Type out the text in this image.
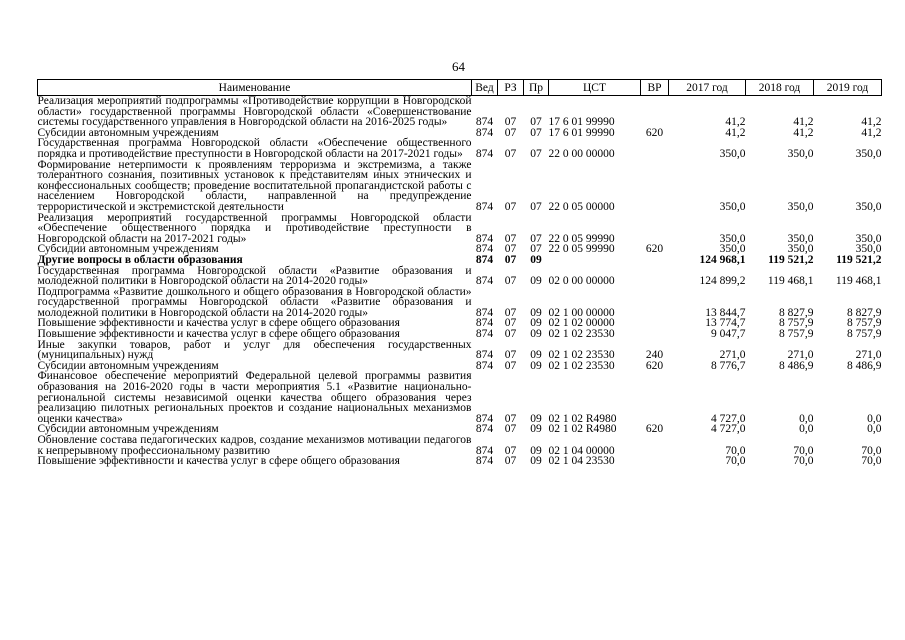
64
Наименование	Вед	РЗ	Пр	ЦСТ	ВР	2017 год	2018 год	2019 год
Реализация мероприятий подпрограммы «Противодействие коррупции в Новгородской области» государственной программы Новгородской области «Совершенствование системы государственного управления в Новгородской области на 2016-2025 годы»	874	07	07	17 6 01 99990		41,2	41,2	41,2
Субсидии автономным учреждениям	874	07	07	17 6 01 99990	620	41,2	41,2	41,2
Государственная программа Новгородской области «Обеспечение общественного порядка и противодействие преступности в Новгородской области на 2017-2021 годы»	874	07	07	22 0 00 00000		350,0	350,0	350,0
Формирование нетерпимости к проявлениям терроризма и экстремизма, а также толерантного сознания, позитивных установок к представителям иных этнических и конфессиональных сообществ; проведение воспитательной пропагандистской работы с населением Новгородской области, направленной на предупреждение террористической и экстремистской деятельности	874	07	07	22 0 05 00000		350,0	350,0	350,0
Реализация мероприятий государственной программы Новгородской области «Обеспечение общественного порядка и противодействие преступности в Новгородской области на 2017-2021 годы»	874	07	07	22 0 05 99990		350,0	350,0	350,0
Субсидии автономным учреждениям	874	07	07	22 0 05 99990	620	350,0	350,0	350,0
Другие вопросы в области образования	874	07	09			124 968,1	119 521,2	119 521,2
Государственная программа Новгородской области «Развитие образования и молодежной политики в Новгородской области на 2014-2020 годы»	874	07	09	02 0 00 00000		124 899,2	119 468,1	119 468,1
Подпрограмма «Развитие дошкольного и общего образования в Новгородской области» государственной программы Новгородской области «Развитие образования и молодежной политики в Новгородской области на 2014-2020 годы»	874	07	09	02 1 00 00000		13 844,7	8 827,9	8 827,9
Повышение эффективности и качества услуг в сфере общего образования	874	07	09	02 1 02 00000		13 774,7	8 757,9	8 757,9
Повышение эффективности и качества услуг в сфере общего образования	874	07	09	02 1 02 23530		9 047,7	8 757,9	8 757,9
Иные закупки товаров, работ и услуг для обеспечения государственных (муниципальных) нужд	874	07	09	02 1 02 23530	240	271,0	271,0	271,0
Субсидии автономным учреждениям	874	07	09	02 1 02 23530	620	8 776,7	8 486,9	8 486,9
Финансовое обеспечение мероприятий Федеральной целевой программы развития образования на 2016-2020 годы в части мероприятия 5.1 «Развитие национально-региональной системы независимой оценки качества общего образования через реализацию пилотных региональных проектов и создание национальных механизмов оценки качества»	874	07	09	02 1 02 R4980		4 727,0	0,0	0,0
Субсидии автономным учреждениям	874	07	09	02 1 02 R4980	620	4 727,0	0,0	0,0
Обновление состава педагогических кадров, создание механизмов мотивации педагогов к непрерывному профессиональному развитию	874	07	09	02 1 04 00000		70,0	70,0	70,0
Повышение эффективности и качества услуг в сфере общего образования	874	07	09	02 1 04 23530		70,0	70,0	70,0
